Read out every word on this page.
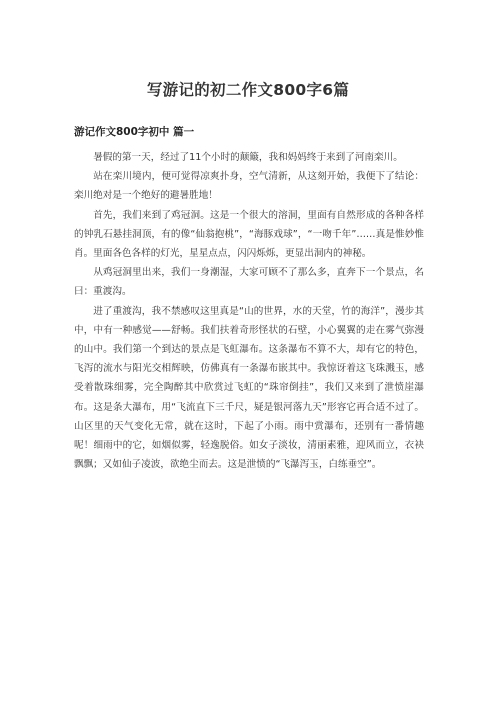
写游记的初二作文800字6篇
游记作文800字初中 篇一

暑假的第一天，经过了11个小时的颠簸，我和妈妈终于来到了河南栾川。

站在栾川境内，便可觉得凉爽扑身，空气清新，从这刻开始，我便下了结论：栾川绝对是一个绝好的避暑胜地！

首先，我们来到了鸡冠洞。这是一个很大的溶洞，里面有自然形成的各种各样的钟乳石悬挂洞顶，有的像“仙翁抱桃”，“海豚戏球”，“一吻千年”……真是惟妙惟肖。里面各色各样的灯光，星星点点，闪闪烁烁，更显出洞内的神秘。

从鸡冠洞里出来，我们一身潮湿，大家可顾不了那么多，直奔下一个景点，名曰：重渡沟。

进了重渡沟，我不禁感叹这里真是“山的世界，水的天堂，竹的海洋”，漫步其中，中有一种感觉——舒畅。我们扶着奇形怪状的石壁，小心翼翼的走在雾气弥漫的山中。我们第一个到达的景点是飞虹瀑布。这条瀑布不算不大，却有它的特色，飞泻的流水与阳光交相辉映，仿佛真有一条瀑布嵌其中。我惊讶着这飞珠溅玉，感受着散珠细雾，完全陶醉其中欣赏过飞虹的“珠帘倒挂”，我们又来到了泄愤崖瀑布。这是条大瀑布，用“飞流直下三千尺，疑是银河落九天”形容它再合适不过了。山区里的天气变化无常，就在这时，下起了小雨。雨中赏瀑布，还别有一番情趣呢！细雨中的它，如烟似雾，轻逸脱俗。如女子淡妆，清丽素雅，迎风而立，衣袂飘飘；又如仙子凌波，欲绝尘而去。这是泄愤的“飞瀑泻玉，白练垂空”。
